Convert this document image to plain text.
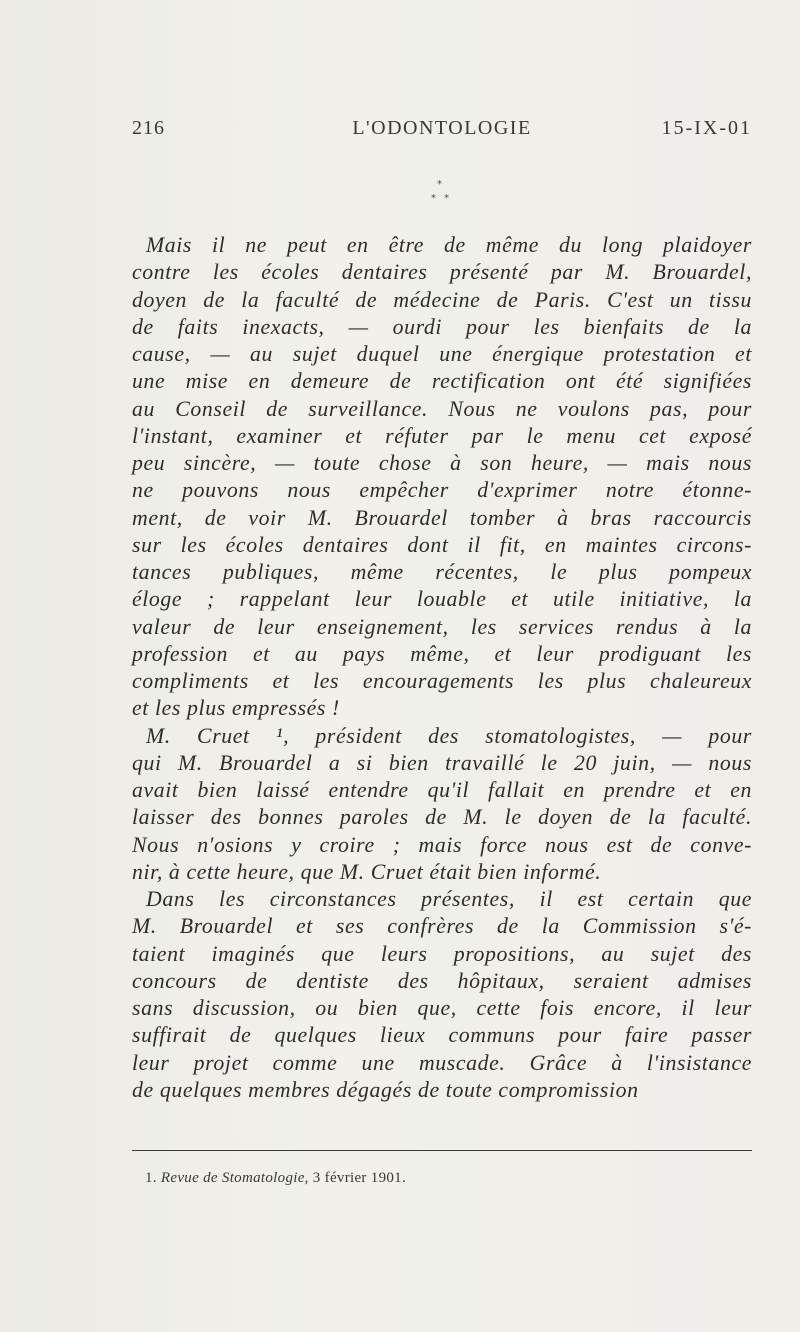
216	L'ODONTOLOGIE	15-IX-01
*
* *
Mais il ne peut en être de même du long plaidoyer
contre les écoles dentaires présenté par M. Brouardel,
doyen de la faculté de médecine de Paris. C'est un tissu
de faits inexacts, — ourdi pour les bienfaits de la
cause, — au sujet duquel une énergique protestation et
une mise en demeure de rectification ont été signifiées
au Conseil de surveillance. Nous ne voulons pas, pour
l'instant, examiner et réfuter par le menu cet exposé
peu sincère, — toute chose à son heure, — mais nous
ne pouvons nous empêcher d'exprimer notre étonne-
ment, de voir M. Brouardel tomber à bras raccourcis
sur les écoles dentaires dont il fit, en maintes circons-
tances publiques, même récentes, le plus pompeux
éloge ; rappelant leur louable et utile initiative, la
valeur de leur enseignement, les services rendus à la
profession et au pays même, et leur prodiguant les
compliments et les encouragements les plus chaleureux
et les plus empressés !
M. Cruet ¹, président des stomatologistes, — pour
qui M. Brouardel a si bien travaillé le 20 juin, — nous
avait bien laissé entendre qu'il fallait en prendre et en
laisser des bonnes paroles de M. le doyen de la faculté.
Nous n'osions y croire ; mais force nous est de conve-
nir, à cette heure, que M. Cruet était bien informé.
Dans les circonstances présentes, il est certain que
M. Brouardel et ses confrères de la Commission s'é-
taient imaginés que leurs propositions, au sujet des
concours de dentiste des hôpitaux, seraient admises
sans discussion, ou bien que, cette fois encore, il leur
suffirait de quelques lieux communs pour faire passer
leur projet comme une muscade. Grâce à l'insistance
de quelques membres dégagés de toute compromission
1. Revue de Stomatologie, 3 février 1901.
